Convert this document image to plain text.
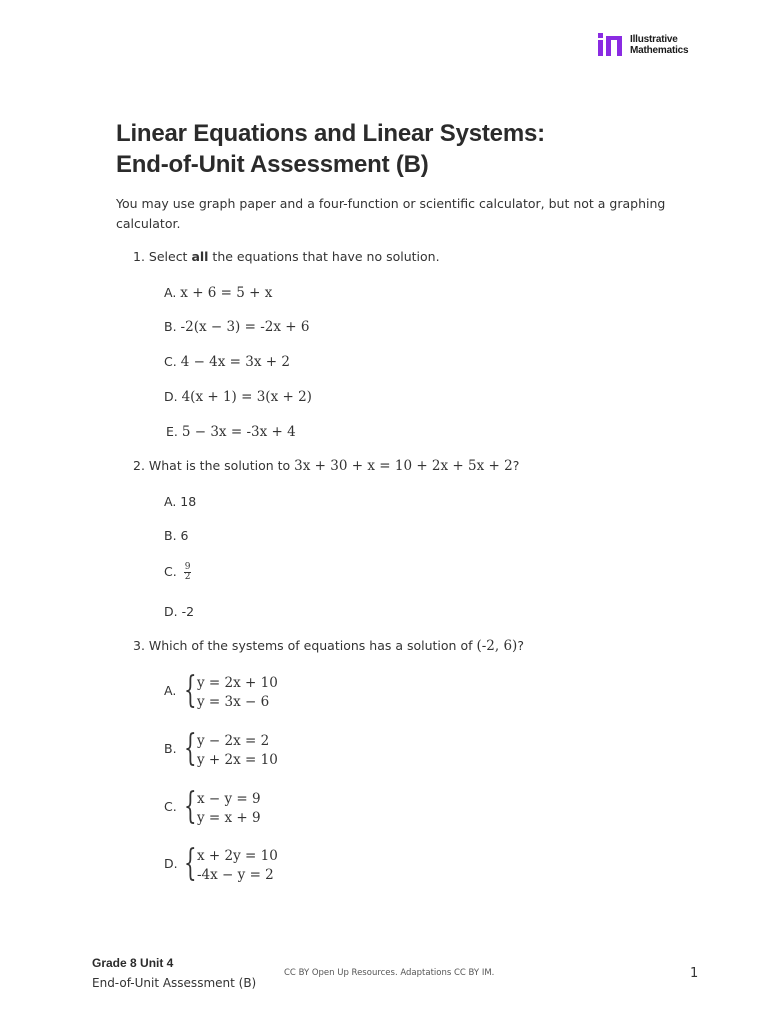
Illustrative
Mathematics
Linear Equations and Linear Systems:
End-of-Unit Assessment (B)
You may use graph paper and a four-function or scientific calculator, but not a graphing
calculator.
1. Select all the equations that have no solution.
A. x + 6 = 5 + x
B. -2(x − 3) = -2x + 6
C. 4 − 4x = 3x + 2
D. 4(x + 1) = 3(x + 2)
E. 5 − 3x = -3x + 4
2. What is the solution to 3x + 30 + x = 10 + 2x + 5x + 2?
A. 18
B. 6
C. $\frac{9}{2}$
D. -2
3. Which of the systems of equations has a solution of (-2, 6)?
A. { y = 2x + 10
y = 3x − 6
B. { y − 2x = 2
y + 2x = 10
C. { x − y = 9
y = x + 9
D. { x + 2y = 10
-4x − y = 2
Grade 8 Unit 4
End-of-Unit Assessment (B)
CC BY Open Up Resources. Adaptations CC BY IM.	1
